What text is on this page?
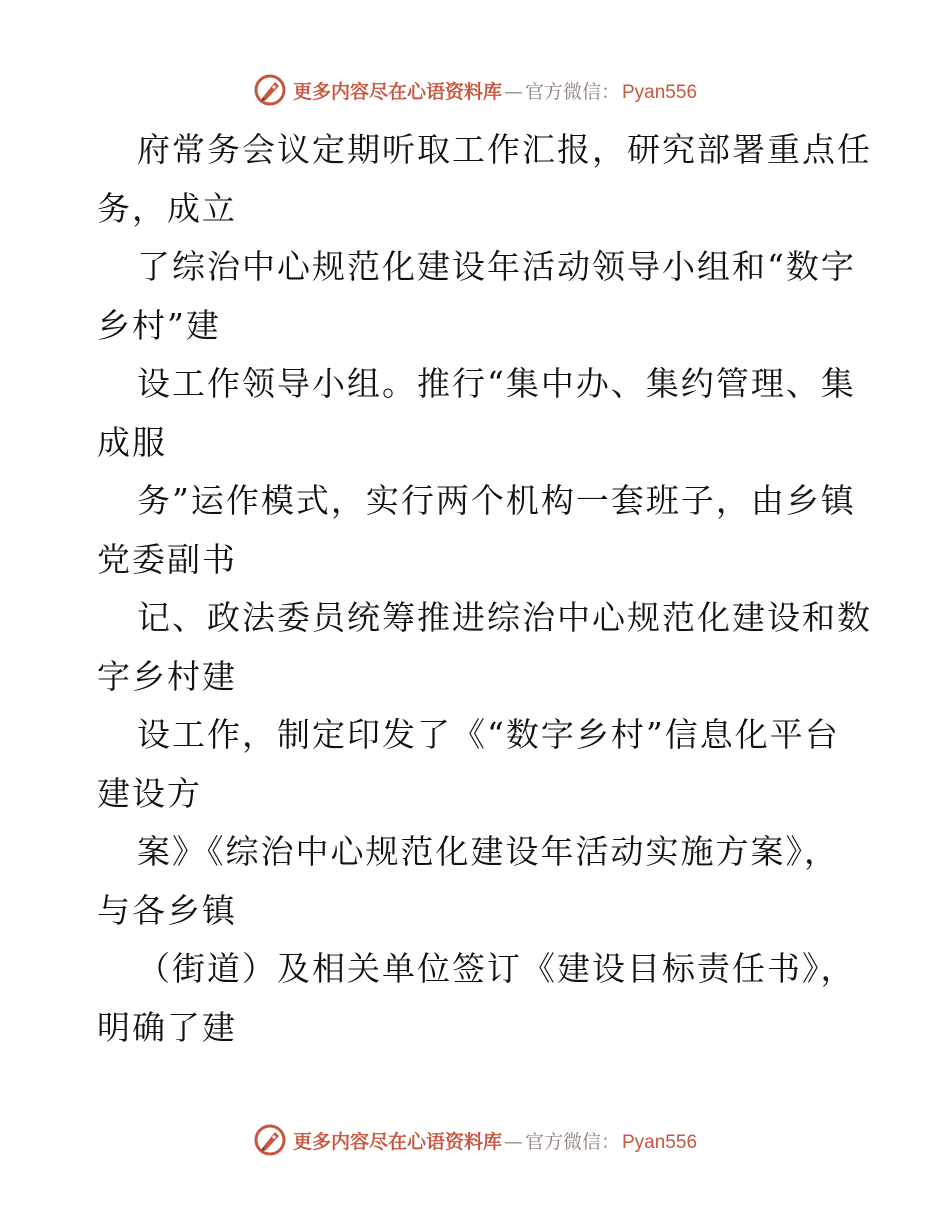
更多内容尽在心语资料库 — 官方微信： Pyan556
府常务会议定期听取工作汇报，研究部署重点任
务，成立
了综治中心规范化建设年活动领导小组和“数字
乡村”建
设工作领导小组。推行“集中办、集约管理、集
成服
务”运作模式，实行两个机构一套班子，由乡镇
党委副书
记、政法委员统筹推进综治中心规范化建设和数
字乡村建
设工作，制定印发了《“数字乡村”信息化平台
建设方
案》《综治中心规范化建设年活动实施方案》，
与各乡镇
（街道）及相关单位签订《建设目标责任书》，
明确了建
更多内容尽在心语资料库 — 官方微信： Pyan556
